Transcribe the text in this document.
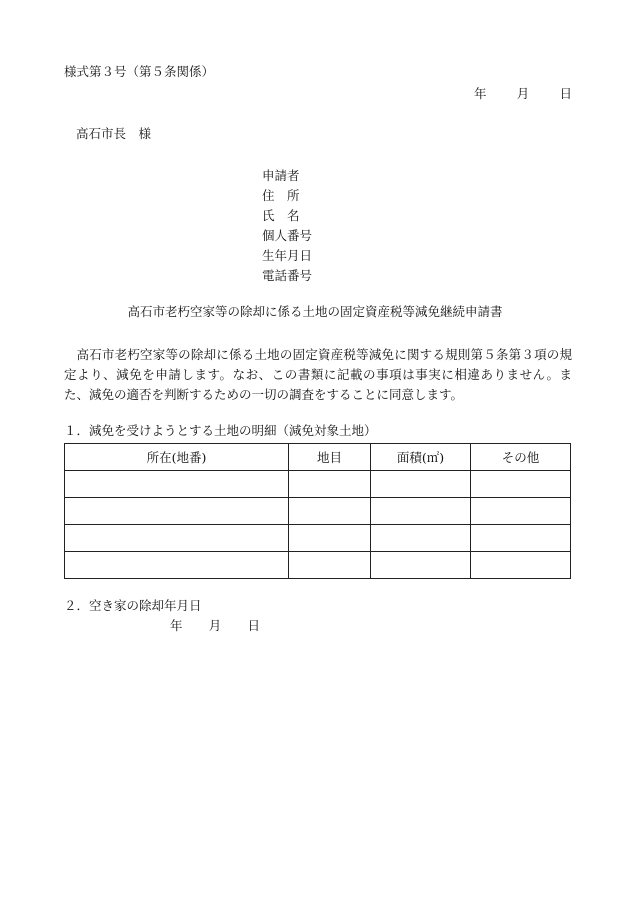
様式第３号（第５条関係）
年 月 日
高石市長　様
申請者
住　所
氏　名
個人番号
生年月日
電話番号
高石市老朽空家等の除却に係る土地の固定資産税等減免継続申請書

高石市老朽空家等の除却に係る土地の固定資産税等減免に関する規則第５条第３項の規定より、減免を申請します。なお、この書類に記載の事項は事実に相違ありません。また、減免の適否を判断するための一切の調査をすることに同意します。

１．減免を受けようとする土地の明細（減免対象土地）
所在(地番)	地目	面積(㎡)	その他

２．空き家の除却年月日
年 月 日
